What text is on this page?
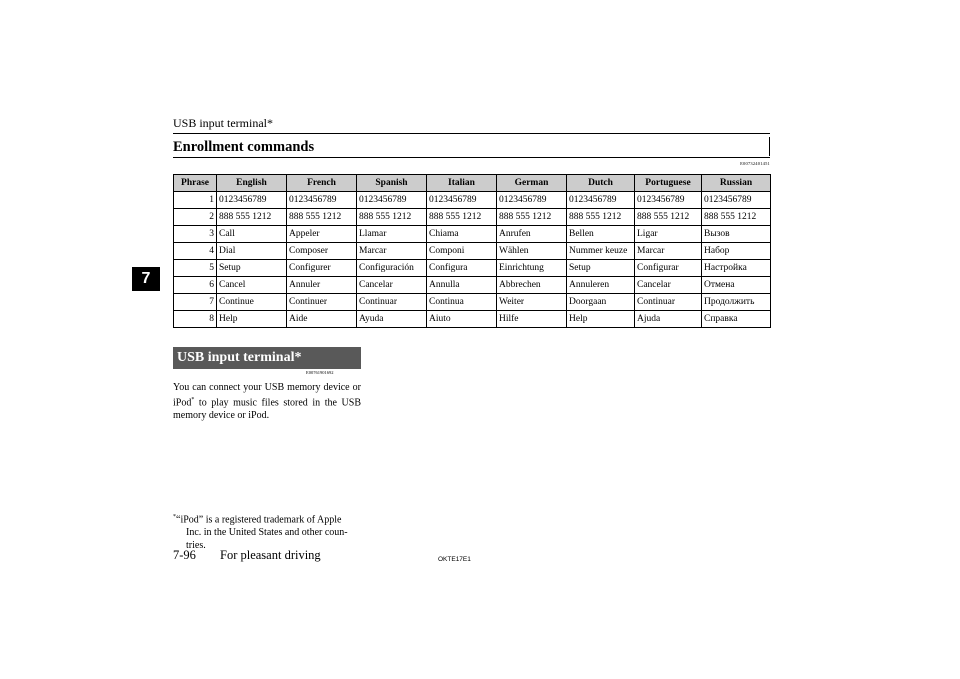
USB input terminal*
Enrollment commands
E00732401451
7
Phrase	English	French	Spanish	Italian	German	Dutch	Portuguese	Russian
1	0123456789	0123456789	0123456789	0123456789	0123456789	0123456789	0123456789	0123456789
2	888 555 1212	888 555 1212	888 555 1212	888 555 1212	888 555 1212	888 555 1212	888 555 1212	888 555 1212
3	Call	Appeler	Llamar	Chiama	Anrufen	Bellen	Ligar	Вызов
4	Dial	Composer	Marcar	Componi	Wählen	Nummer keuze	Marcar	Набор
5	Setup	Configurer	Configuración	Configura	Einrichtung	Setup	Configurar	Настройка
6	Cancel	Annuler	Cancelar	Annulla	Abbrechen	Annuleren	Cancelar	Отмена
7	Continue	Continuer	Continuar	Continua	Weiter	Doorgaan	Continuar	Продолжить
8	Help	Aide	Ayuda	Aiuto	Hilfe	Help	Ajuda	Справка
USB input terminal*
E00761901692
You can connect your USB memory device or iPod* to play music files stored in the USB memory device or iPod.
*“iPod” is a registered trademark of Apple
Inc. in the United States and other coun-
tries.
7-96 For pleasant driving	OKTE17E1
